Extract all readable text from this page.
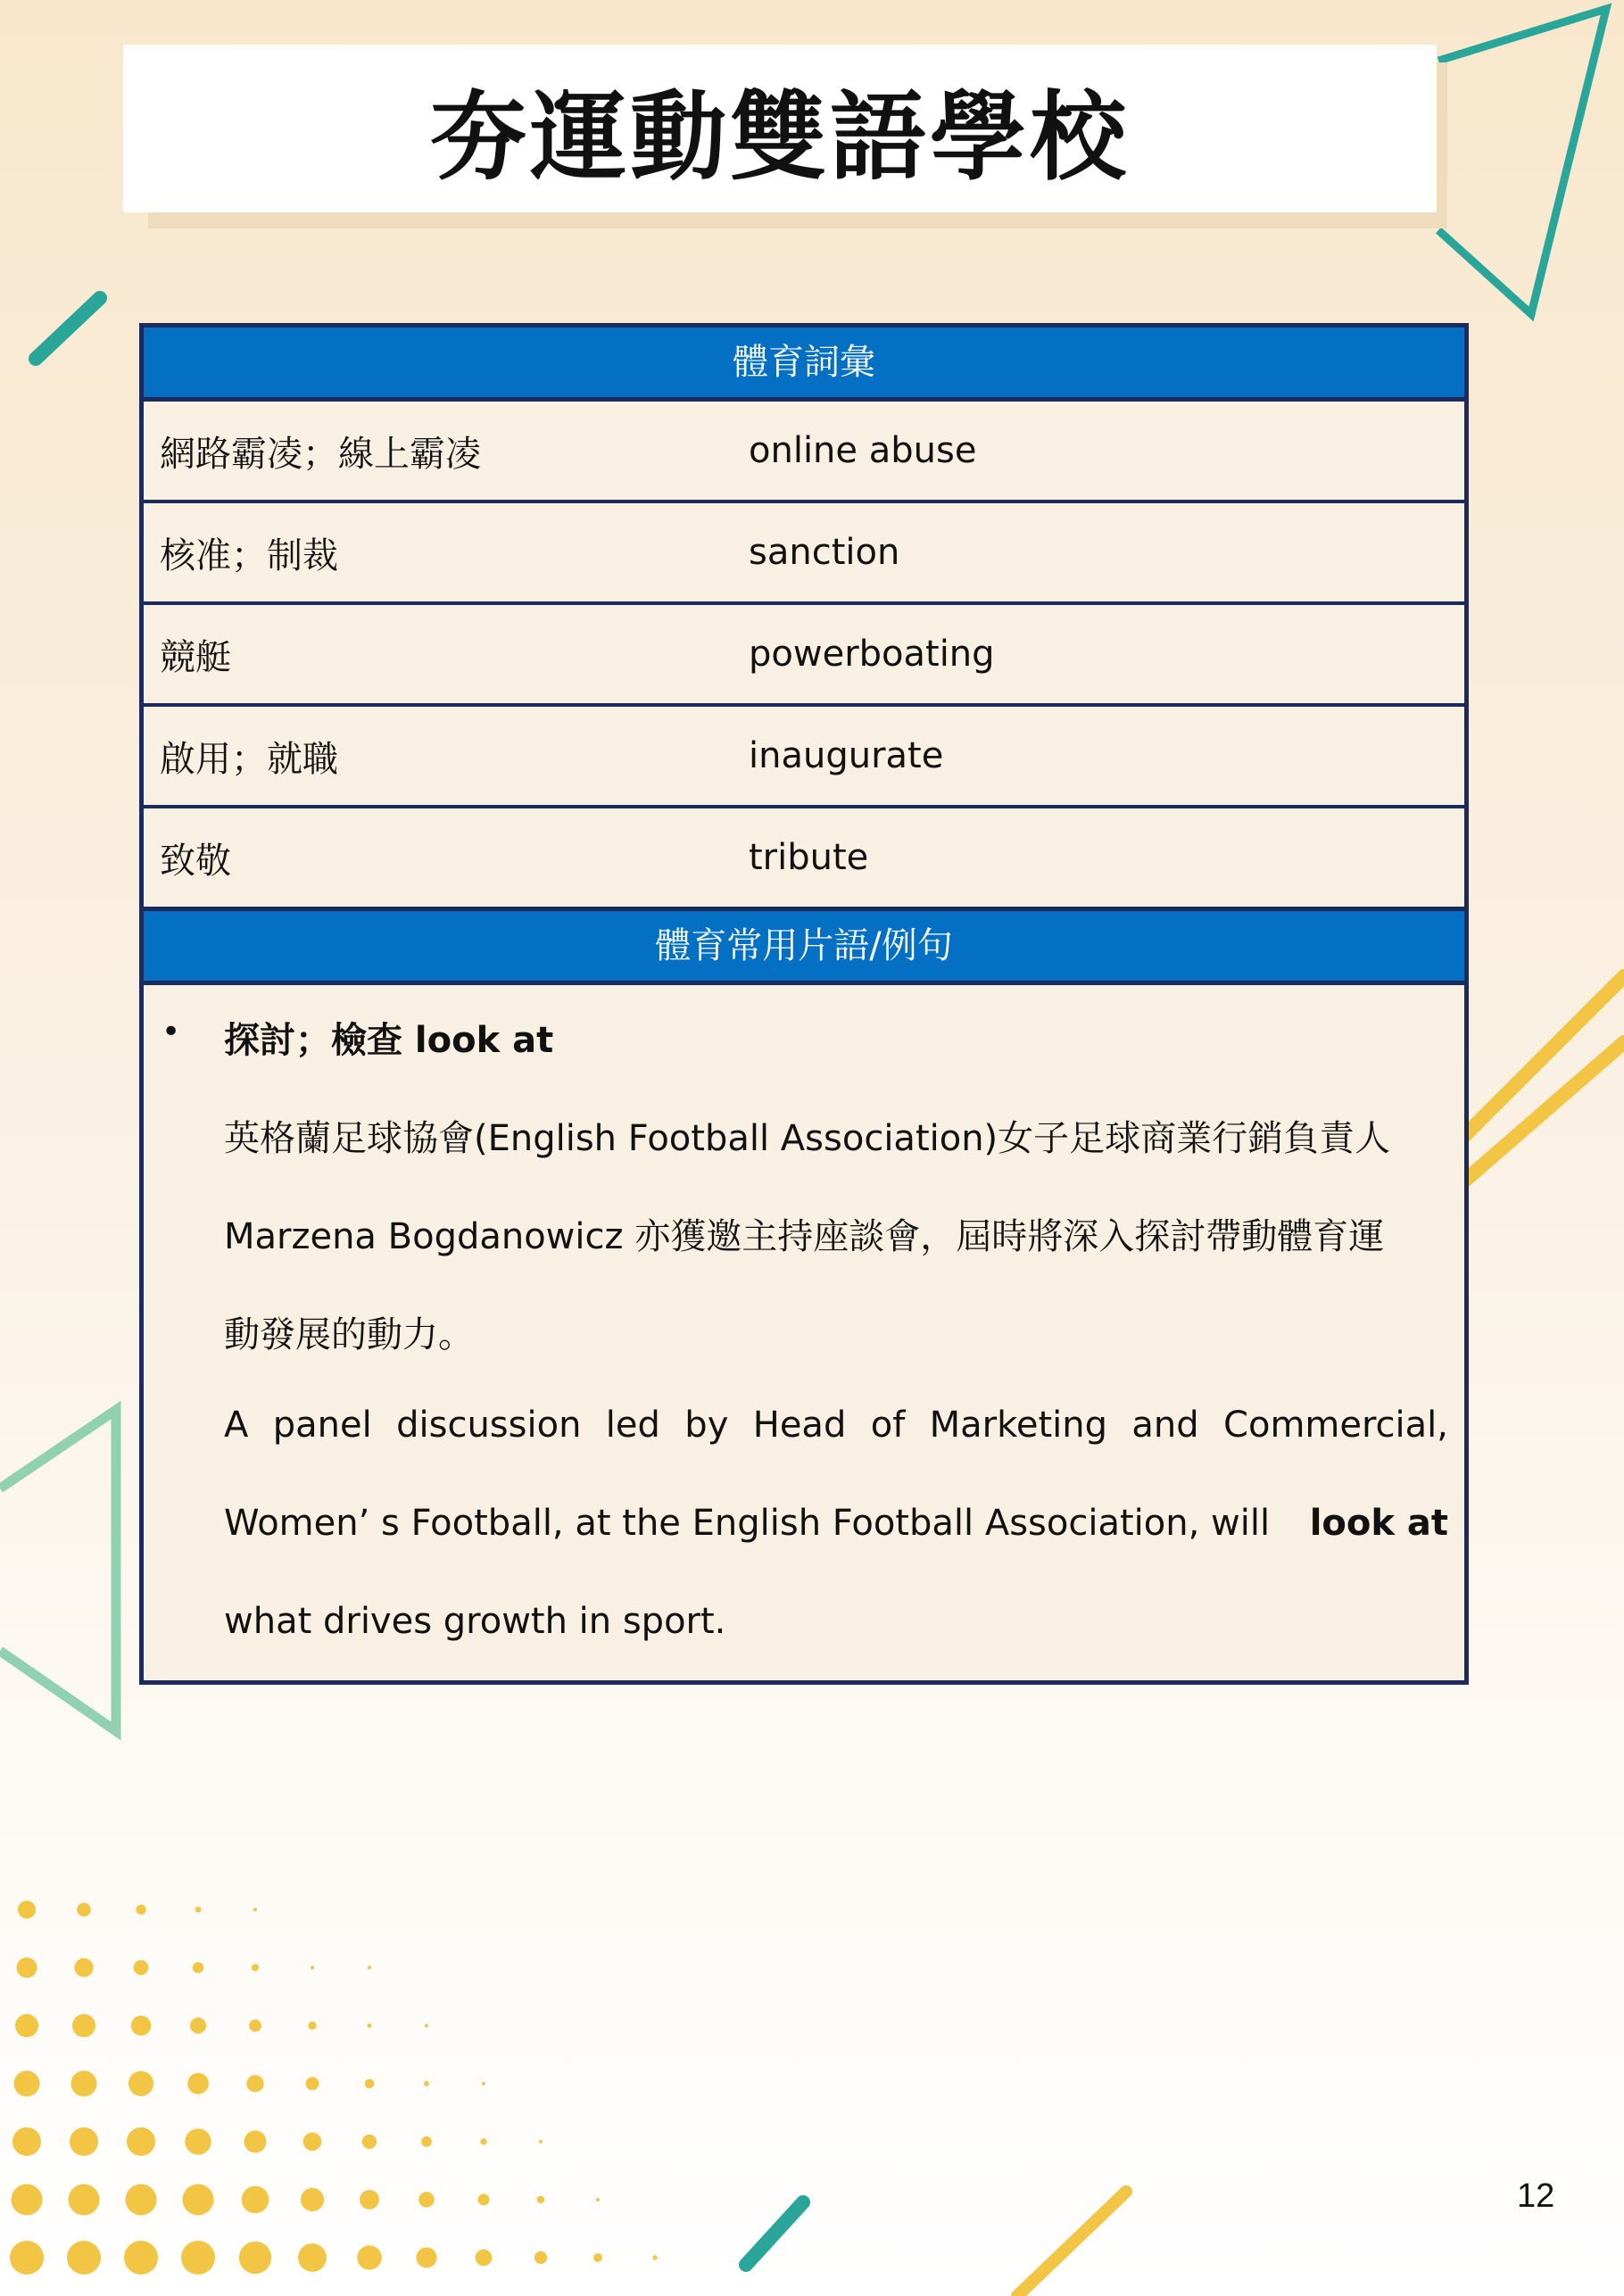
夯運動雙語學校
體育詞彙
網路霸凌；線上霸凌	online abuse
核准；制裁	sanction
競艇	powerboating
啟用；就職	inaugurate
致敬	tribute
體育常用片語/例句
• 探討；檢查 look at
英格蘭足球協會(English Football Association)女子足球商業行銷負責人
Marzena Bogdanowicz 亦獲邀主持座談會，屆時將深入探討帶動體育運
動發展的動力。
A panel discussion led by Head of Marketing and Commercial,
Women’ s Football, at the English Football Association, will look at
what drives growth in sport.
12
